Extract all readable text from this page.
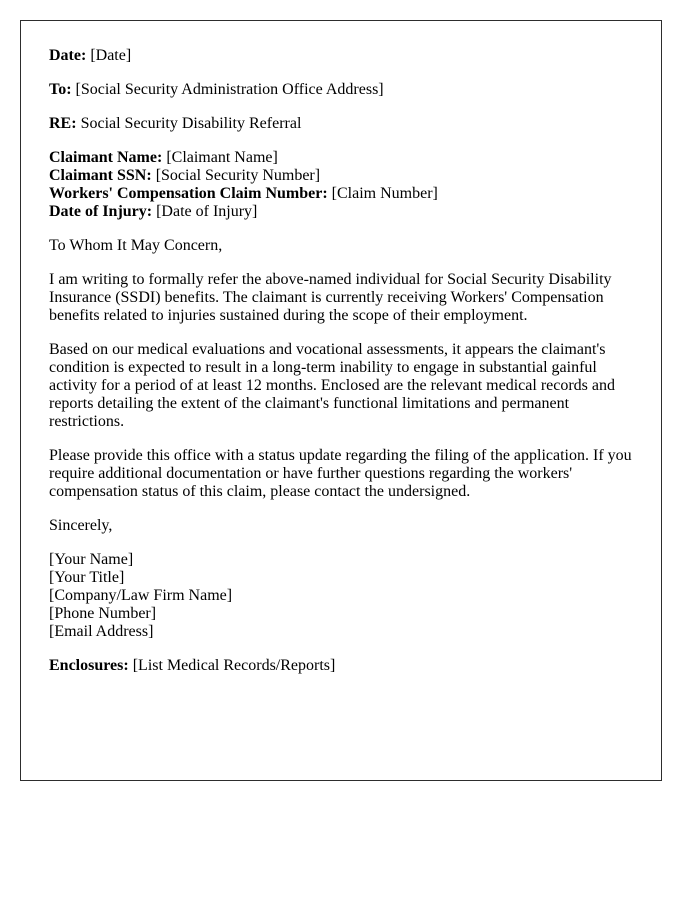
Date: [Date]

To: [Social Security Administration Office Address]

RE: Social Security Disability Referral

Claimant Name: [Claimant Name]
Claimant SSN: [Social Security Number]
Workers' Compensation Claim Number: [Claim Number]
Date of Injury: [Date of Injury]

To Whom It May Concern,

I am writing to formally refer the above-named individual for Social Security Disability Insurance (SSDI) benefits. The claimant is currently receiving Workers' Compensation benefits related to injuries sustained during the scope of their employment.

Based on our medical evaluations and vocational assessments, it appears the claimant's condition is expected to result in a long-term inability to engage in substantial gainful activity for a period of at least 12 months. Enclosed are the relevant medical records and reports detailing the extent of the claimant's functional limitations and permanent restrictions.

Please provide this office with a status update regarding the filing of the application. If you require additional documentation or have further questions regarding the workers' compensation status of this claim, please contact the undersigned.

Sincerely,

[Your Name]
[Your Title]
[Company/Law Firm Name]
[Phone Number]
[Email Address]

Enclosures: [List Medical Records/Reports]
